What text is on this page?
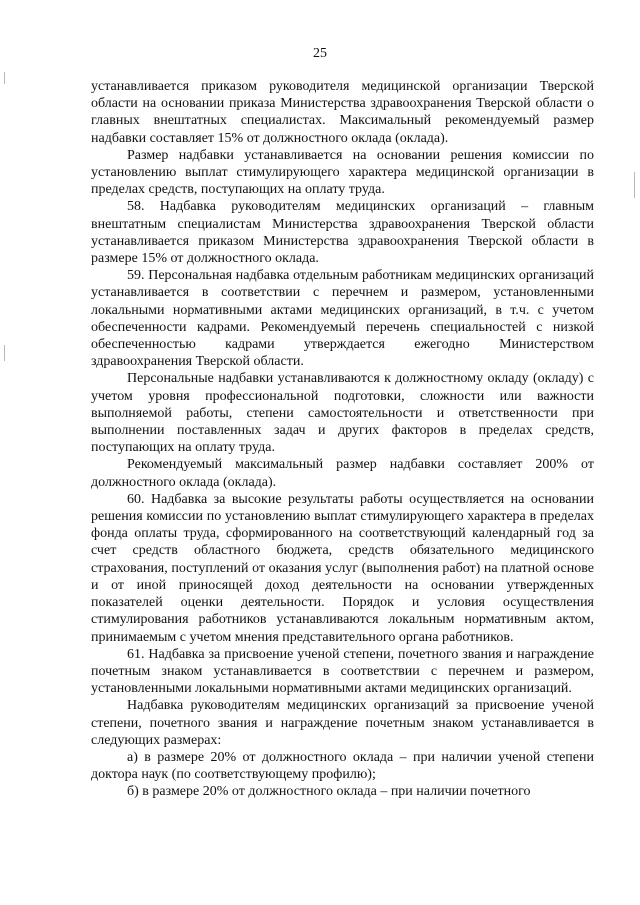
25

устанавливается приказом руководителя медицинской организации Тверской области на основании приказа Министерства здравоохранения Тверской области о главных внештатных специалистах. Максимальный рекомендуемый размер надбавки составляет 15% от должностного оклада (оклада).

Размер надбавки устанавливается на основании решения комиссии по установлению выплат стимулирующего характера медицинской организации в пределах средств, поступающих на оплату труда.

58. Надбавка руководителям медицинских организаций – главным внештатным специалистам Министерства здравоохранения Тверской области устанавливается приказом Министерства здравоохранения Тверской области в размере 15% от должностного оклада.

59. Персональная надбавка отдельным работникам медицинских организаций устанавливается в соответствии с перечнем и размером, установленными локальными нормативными актами медицинских организаций, в т.ч. с учетом обеспеченности кадрами. Рекомендуемый перечень специальностей с низкой обеспеченностью кадрами утверждается ежегодно Министерством здравоохранения Тверской области.

Персональные надбавки устанавливаются к должностному окладу (окладу) с учетом уровня профессиональной подготовки, сложности или важности выполняемой работы, степени самостоятельности и ответственности при выполнении поставленных задач и других факторов в пределах средств, поступающих на оплату труда.

Рекомендуемый максимальный размер надбавки составляет 200% от должностного оклада (оклада).

60. Надбавка за высокие результаты работы осуществляется на основании решения комиссии по установлению выплат стимулирующего характера в пределах фонда оплаты труда, сформированного на соответствующий календарный год за счет средств областного бюджета, средств обязательного медицинского страхования, поступлений от оказания услуг (выполнения работ) на платной основе и от иной приносящей доход деятельности на основании утвержденных показателей оценки деятельности. Порядок и условия осуществления стимулирования работников устанавливаются локальным нормативным актом, принимаемым с учетом мнения представительного органа работников.

61. Надбавка за присвоение ученой степени, почетного звания и награждение почетным знаком устанавливается в соответствии с перечнем и размером, установленными локальными нормативными актами медицинских организаций.

Надбавка руководителям медицинских организаций за присвоение ученой степени, почетного звания и награждение почетным знаком устанавливается в следующих размерах:

а) в размере 20% от должностного оклада – при наличии ученой степени доктора наук (по соответствующему профилю);

б) в размере 20% от должностного оклада – при наличии почетного
